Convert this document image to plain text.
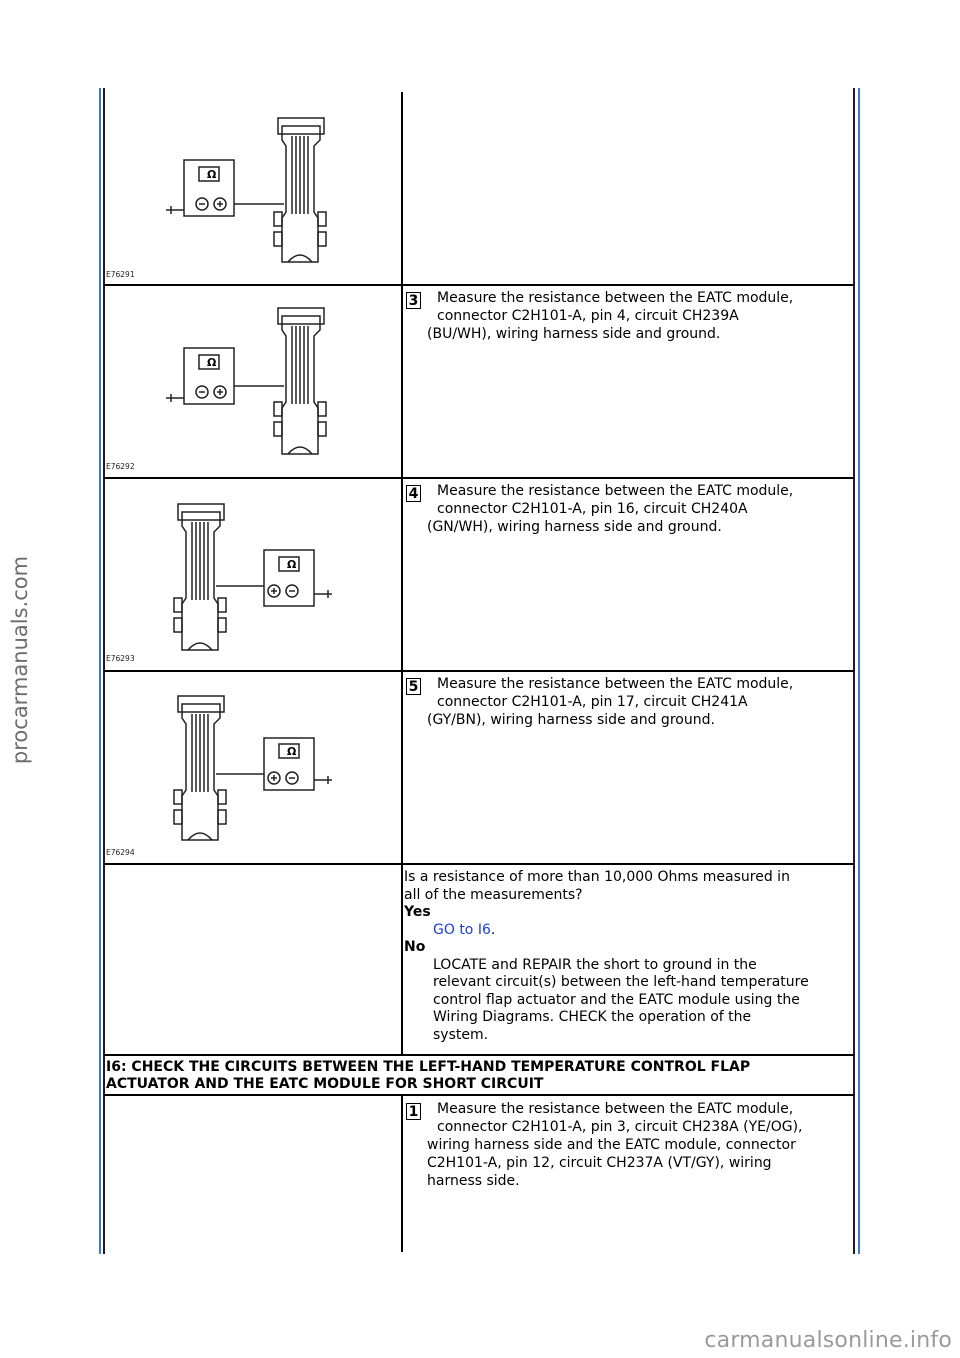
procarmanuals.com
Ω
E76291
Ω
E76292
3 Measure the resistance between the EATC module,
connector C2H101-A, pin 4, circuit CH239A
(BU/WH), wiring harness side and ground.
Ω
E76293
4 Measure the resistance between the EATC module,
connector C2H101-A, pin 16, circuit CH240A
(GN/WH), wiring harness side and ground.
Ω
E76294
5 Measure the resistance between the EATC module,
connector C2H101-A, pin 17, circuit CH241A
(GY/BN), wiring harness side and ground.
Is a resistance of more than 10,000 Ohms measured in
all of the measurements?
Yes
GO to I6.
No
LOCATE and REPAIR the short to ground in the
relevant circuit(s) between the left-hand temperature
control flap actuator and the EATC module using the
Wiring Diagrams. CHECK the operation of the
system.
I6: CHECK THE CIRCUITS BETWEEN THE LEFT-HAND TEMPERATURE CONTROL FLAP
ACTUATOR AND THE EATC MODULE FOR SHORT CIRCUIT
1 Measure the resistance between the EATC module,
connector C2H101-A, pin 3, circuit CH238A (YE/OG),
wiring harness side and the EATC module, connector
C2H101-A, pin 12, circuit CH237A (VT/GY), wiring
harness side.
carmanualsonline.info
